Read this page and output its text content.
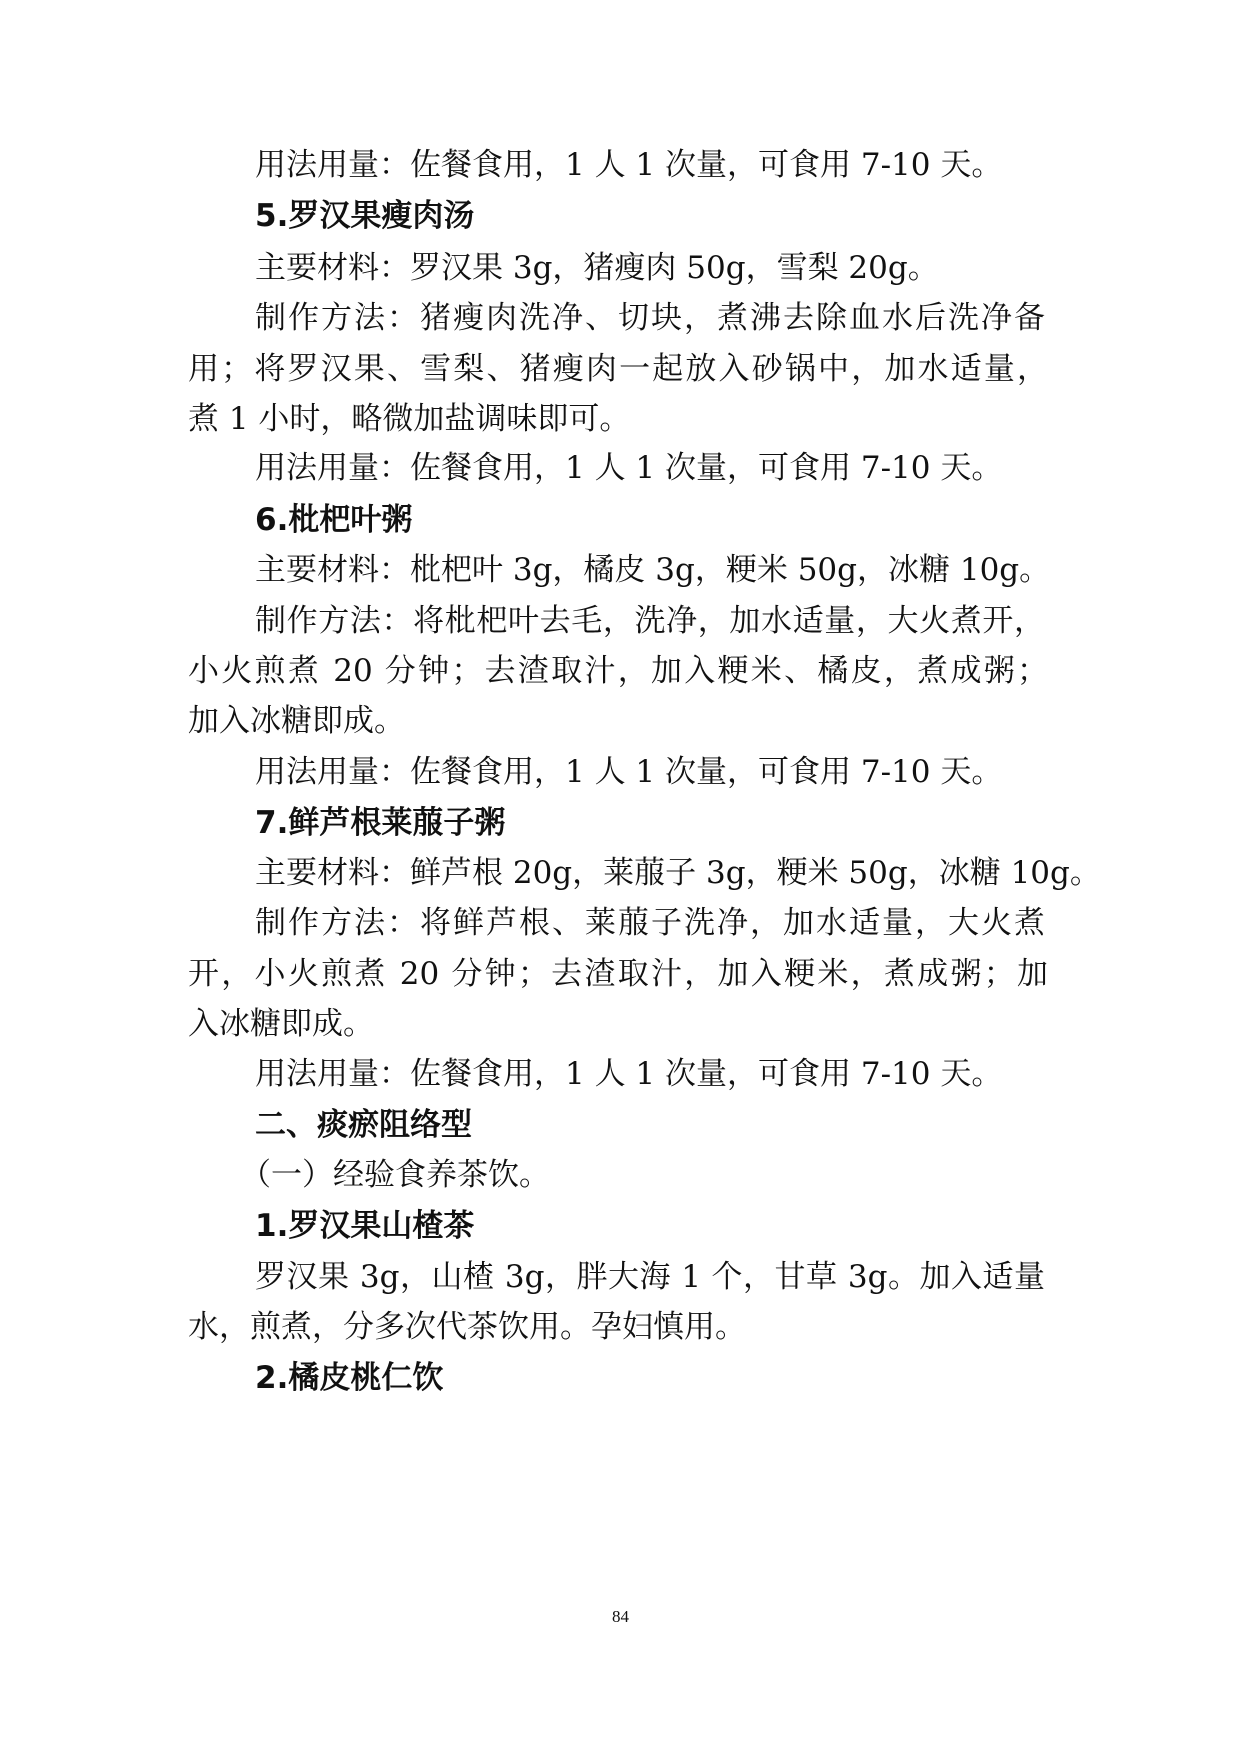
用法用量：佐餐食用，1 人 1 次量，可食用 7-10 天。
5.罗汉果瘦肉汤
主要材料：罗汉果 3g，猪瘦肉 50g，雪梨 20g。
制作方法：猪瘦肉洗净、切块，煮沸去除血水后洗净备
用；将罗汉果、雪梨、猪瘦肉一起放入砂锅中，加水适量，
煮 1 小时，略微加盐调味即可。
用法用量：佐餐食用，1 人 1 次量，可食用 7-10 天。
6.枇杷叶粥
主要材料：枇杷叶 3g，橘皮 3g，粳米 50g，冰糖 10g。
制作方法：将枇杷叶去毛，洗净，加水适量，大火煮开，
小火煎煮 20 分钟；去渣取汁，加入粳米、橘皮，煮成粥；
加入冰糖即成。
用法用量：佐餐食用，1 人 1 次量，可食用 7-10 天。
7.鲜芦根莱菔子粥
主要材料：鲜芦根 20g，莱菔子 3g，粳米 50g，冰糖 10g。
制作方法：将鲜芦根、莱菔子洗净，加水适量，大火煮
开，小火煎煮 20 分钟；去渣取汁，加入粳米，煮成粥；加
入冰糖即成。
用法用量：佐餐食用，1 人 1 次量，可食用 7-10 天。
二、痰瘀阻络型
（一）经验食养茶饮。
1.罗汉果山楂茶
罗汉果 3g，山楂 3g，胖大海 1 个，甘草 3g。加入适量
水，煎煮，分多次代茶饮用。孕妇慎用。
2.橘皮桃仁饮
84
